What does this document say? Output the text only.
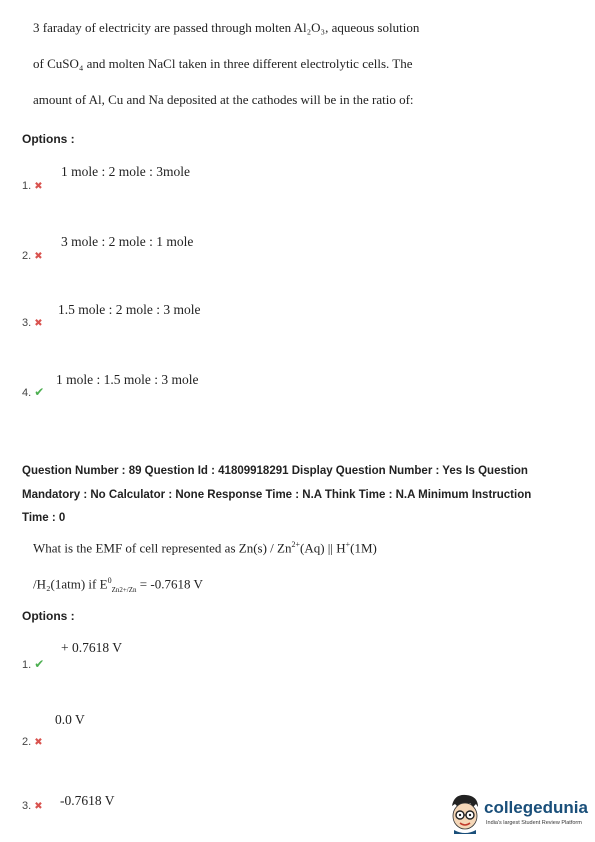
3 faraday of electricity are passed through molten Al₂O₃, aqueous solution
of CuSO₄ and molten NaCl taken in three different electrolytic cells. The
amount of Al, Cu and Na deposited at the cathodes will be in the ratio of:
Options :
1 mole : 2 mole : 3mole
1. ✖
3 mole : 2 mole : 1 mole
2. ✖
1.5 mole : 2 mole : 3 mole
3. ✖
1 mole : 1.5 mole : 3 mole
4. ✔
Question Number : 89 Question Id : 41809918291 Display Question Number : Yes Is Question
Mandatory : No Calculator : None Response Time : N.A Think Time : N.A Minimum Instruction
Time : 0
What is the EMF of cell represented as $Zn(s) / Zn^{2+}(Aq)$ || H+(1M)
/H₂(1atm) if $E^0_{Zn2+/Zn} = -0.7618$ V
Options :
+ 0.7618 V
1. ✔
0.0 V
2. ✖
-0.7618 V
3. ✖	collegedunia
India's largest Student Review Platform
